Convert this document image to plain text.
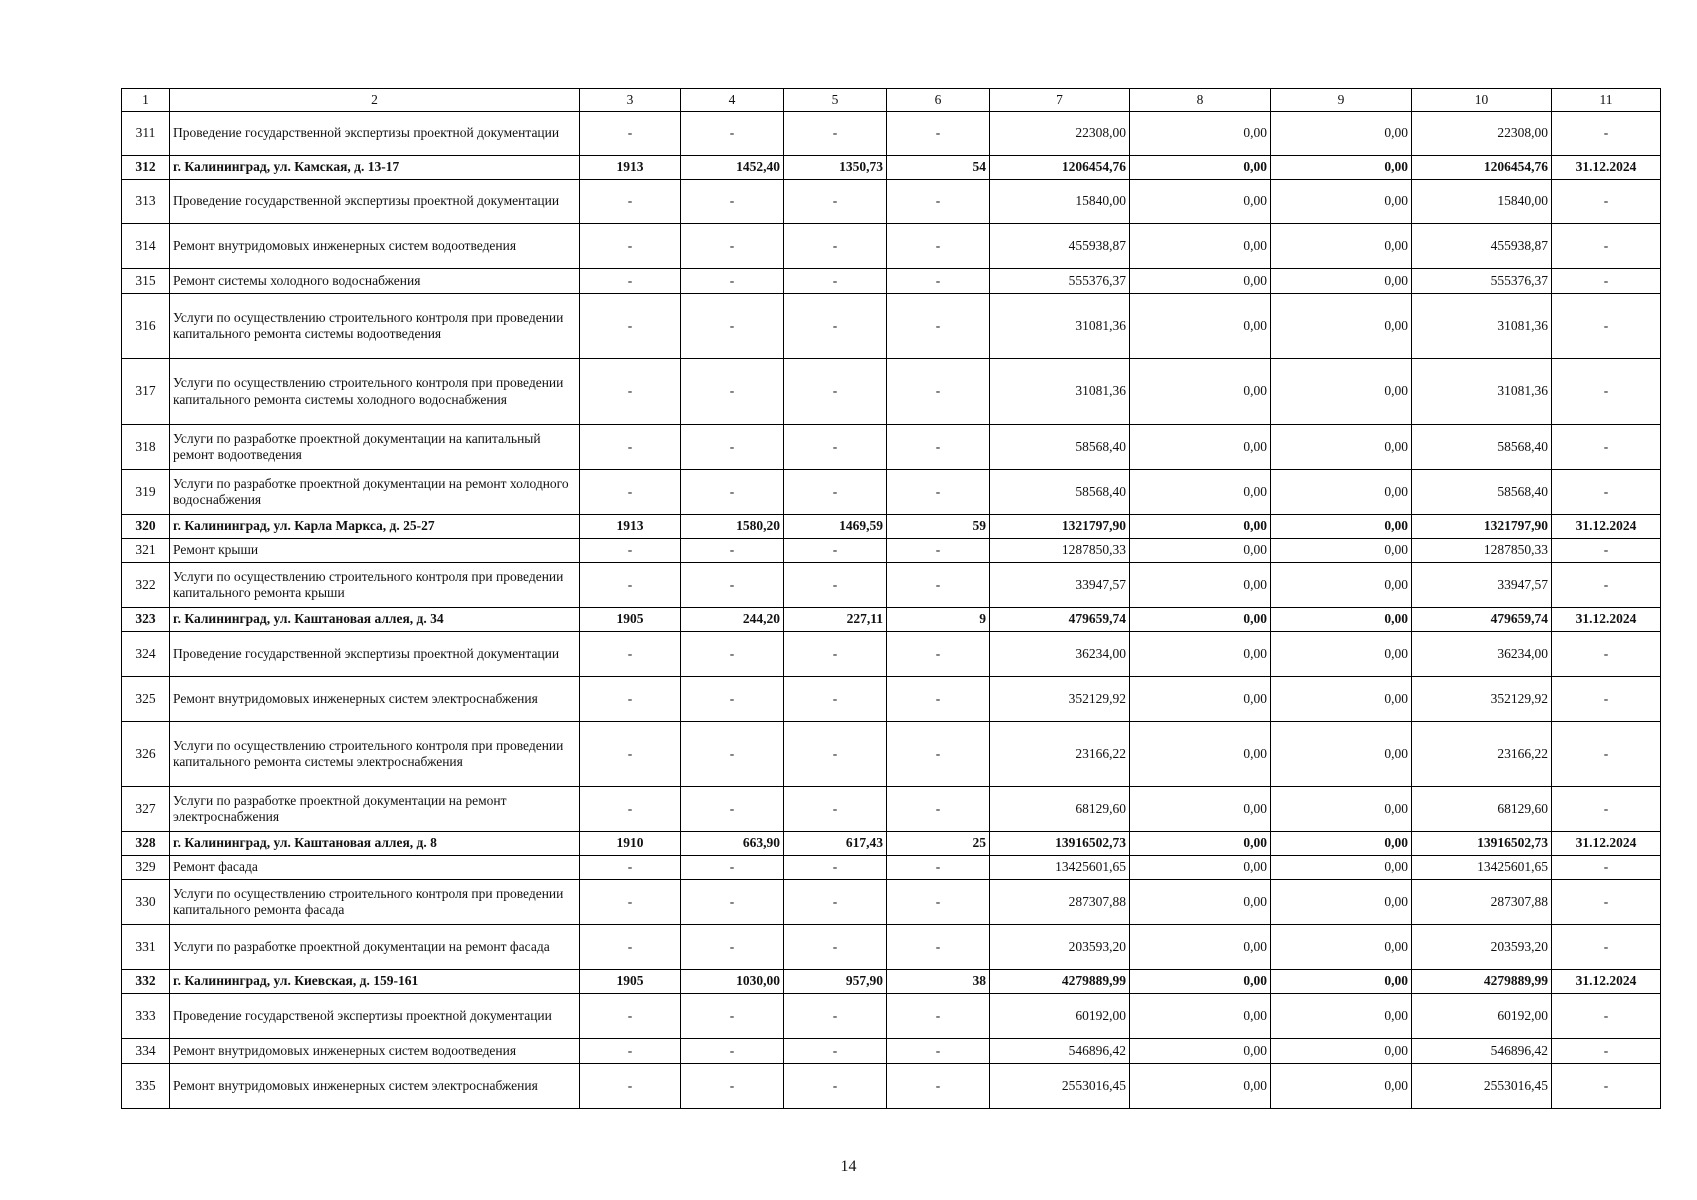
1	2	3	4	5	6	7	8	9	10	11
311	Проведение государственной экспертизы проектной документации	-	-	-	-	22308,00	0,00	0,00	22308,00	-
312	г. Калининград, ул. Камская, д. 13-17	1913	1452,40	1350,73	54	1206454,76	0,00	0,00	1206454,76	31.12.2024
313	Проведение государственной экспертизы проектной документации	-	-	-	-	15840,00	0,00	0,00	15840,00	-
314	Ремонт внутридомовых инженерных систем водоотведения	-	-	-	-	455938,87	0,00	0,00	455938,87	-
315	Ремонт системы холодного водоснабжения	-	-	-	-	555376,37	0,00	0,00	555376,37	-
316	Услуги по осуществлению строительного контроля при проведении капитального ремонта системы водоотведения	-	-	-	-	31081,36	0,00	0,00	31081,36	-
317	Услуги по осуществлению строительного контроля при проведении капитального ремонта системы холодного водоснабжения	-	-	-	-	31081,36	0,00	0,00	31081,36	-
318	Услуги по разработке проектной документации на капитальный ремонт водоотведения	-	-	-	-	58568,40	0,00	0,00	58568,40	-
319	Услуги по разработке проектной документации на ремонт холодного водоснабжения	-	-	-	-	58568,40	0,00	0,00	58568,40	-
320	г. Калининград, ул. Карла Маркса, д. 25-27	1913	1580,20	1469,59	59	1321797,90	0,00	0,00	1321797,90	31.12.2024
321	Ремонт крыши	-	-	-	-	1287850,33	0,00	0,00	1287850,33	-
322	Услуги по осуществлению строительного контроля при проведении капитального ремонта крыши	-	-	-	-	33947,57	0,00	0,00	33947,57	-
323	г. Калининград, ул. Каштановая аллея, д. 34	1905	244,20	227,11	9	479659,74	0,00	0,00	479659,74	31.12.2024
324	Проведение государственной экспертизы проектной документации	-	-	-	-	36234,00	0,00	0,00	36234,00	-
325	Ремонт внутридомовых инженерных систем электроснабжения	-	-	-	-	352129,92	0,00	0,00	352129,92	-
326	Услуги по осуществлению строительного контроля при проведении капитального ремонта системы электроснабжения	-	-	-	-	23166,22	0,00	0,00	23166,22	-
327	Услуги по разработке проектной документации на ремонт электроснабжения	-	-	-	-	68129,60	0,00	0,00	68129,60	-
328	г. Калининград, ул. Каштановая аллея, д. 8	1910	663,90	617,43	25	13916502,73	0,00	0,00	13916502,73	31.12.2024
329	Ремонт фасада	-	-	-	-	13425601,65	0,00	0,00	13425601,65	-
330	Услуги по осуществлению строительного контроля при проведении капитального ремонта фасада	-	-	-	-	287307,88	0,00	0,00	287307,88	-
331	Услуги по разработке проектной документации на ремонт фасада	-	-	-	-	203593,20	0,00	0,00	203593,20	-
332	г. Калининград, ул. Киевская, д. 159-161	1905	1030,00	957,90	38	4279889,99	0,00	0,00	4279889,99	31.12.2024
333	Проведение государственой экспертизы проектной документации	-	-	-	-	60192,00	0,00	0,00	60192,00	-
334	Ремонт внутридомовых инженерных систем водоотведения	-	-	-	-	546896,42	0,00	0,00	546896,42	-
335	Ремонт внутридомовых инженерных систем электроснабжения	-	-	-	-	2553016,45	0,00	0,00	2553016,45	-
14
